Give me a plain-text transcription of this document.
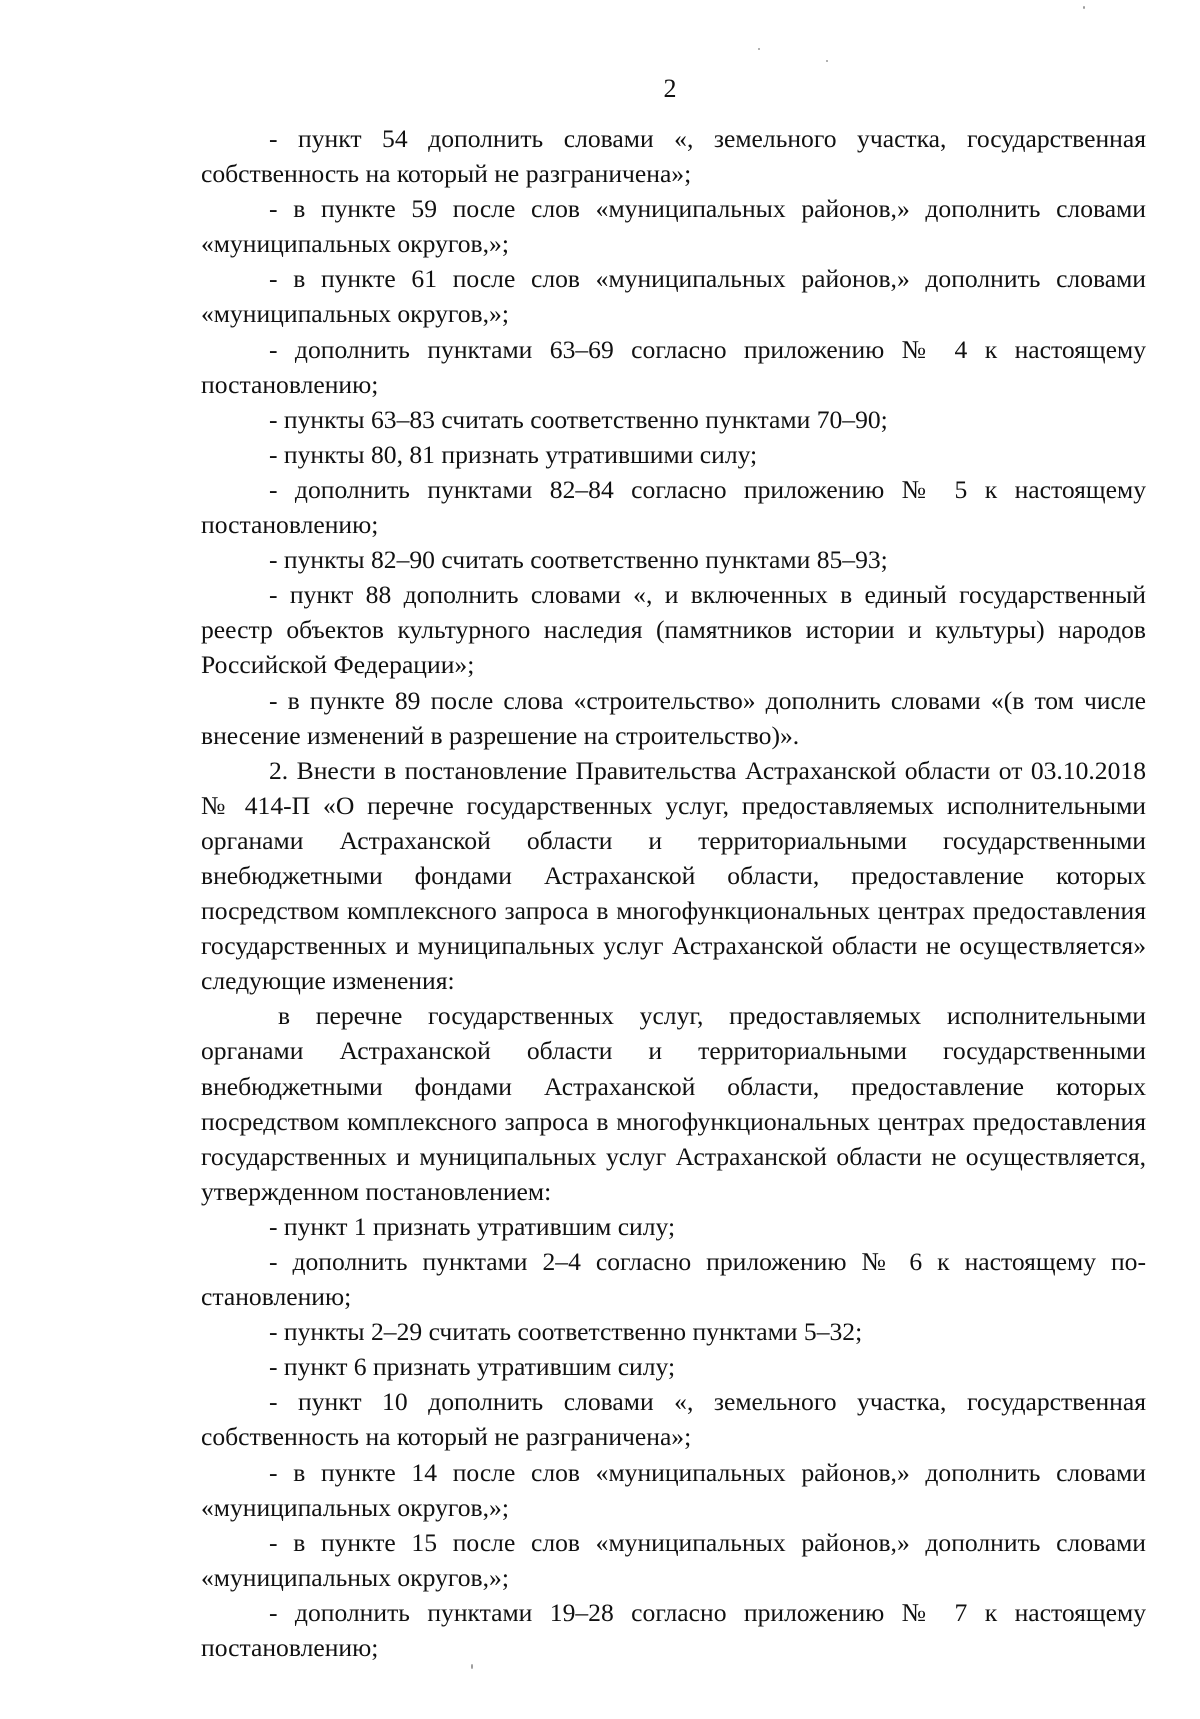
2

- пункт 54 дополнить словами «, земельного участка, государственная собственность на который не разграничена»;

- в пункте 59 после слов «муниципальных районов,» дополнить словами «муниципальных округов,»;

- в пункте 61 после слов «муниципальных районов,» дополнить словами «муниципальных округов,»;

- дополнить пунктами 63–69 согласно приложению № 4 к настоящему постановлению;

- пункты 63–83 считать соответственно пунктами 70–90;

- пункты 80, 81 признать утратившими силу;

- дополнить пунктами 82–84 согласно приложению № 5 к настоящему постановлению;

- пункты 82–90 считать соответственно пунктами 85–93;

- пункт 88 дополнить словами «, и включенных в единый государственный реестр объектов культурного наследия (памятников истории и культуры) народов Российской Федерации»;

- в пункте 89 после слова «строительство» дополнить словами «(в том числе внесение изменений в разрешение на строительство)».

2. Внести в постановление Правительства Астраханской области от 03.10.2018 № 414-П «О перечне государственных услуг, предоставляемых исполнительными органами Астраханской области и территориальными государственными внебюджетными фондами Астраханской области, предоставление которых посредством комплексного запроса в многофункциональных центрах предоставления государственных и муниципальных услуг Астраханской области не осуществляется» следующие изменения:

в перечне государственных услуг, предоставляемых исполнительными органами Астраханской области и территориальными государственными внебюджетными фондами Астраханской области, предоставление которых посредством комплексного запроса в многофункциональных центрах предоставления государственных и муниципальных услуг Астраханской области не осуществляется, утвержденном постановлением:

- пункт 1 признать утратившим силу;

- дополнить пунктами 2–4 согласно приложению № 6 к настоящему постановлению;

- пункты 2–29 считать соответственно пунктами 5–32;

- пункт 6 признать утратившим силу;

- пункт 10 дополнить словами «, земельного участка, государственная собственность на который не разграничена»;

- в пункте 14 после слов «муниципальных районов,» дополнить словами «муниципальных округов,»;

- в пункте 15 после слов «муниципальных районов,» дополнить словами «муниципальных округов,»;

- дополнить пунктами 19–28 согласно приложению № 7 к настоящему постановлению;
